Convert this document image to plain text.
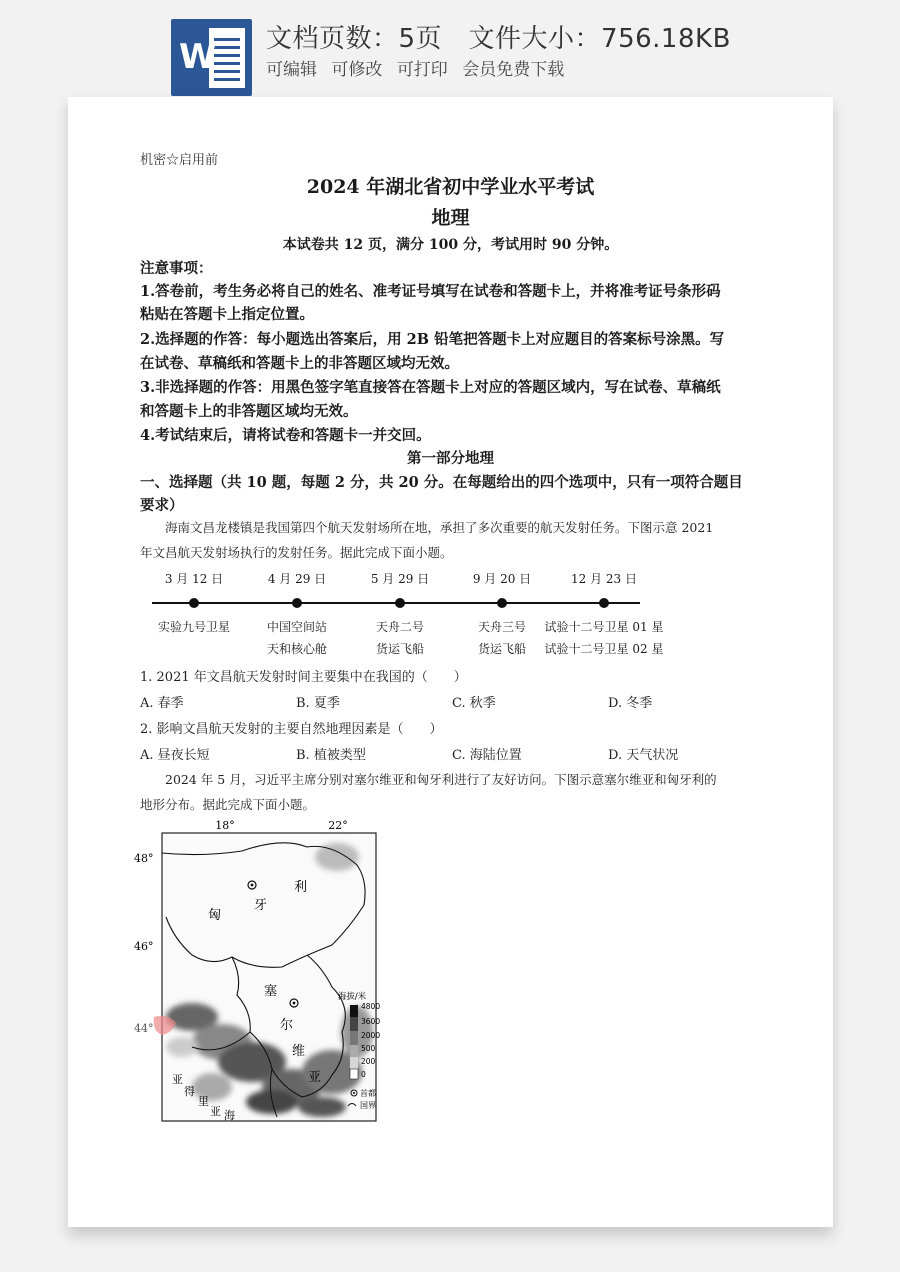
W 文档页数：5页　文件大小：756.18KB
可编辑 可修改 可打印 会员免费下载
机密☆启用前
2024 年湖北省初中学业水平考试
地理
本试卷共 12 页，满分 100 分，考试用时 90 分钟。
注意事项：
1.答卷前，考生务必将自己的姓名、准考证号填写在试卷和答题卡上，并将准考证号条形码
粘贴在答题卡上指定位置。
2.选择题的作答：每小题选出答案后，用 2B 铅笔把答题卡上对应题目的答案标号涂黑。写
在试卷、草稿纸和答题卡上的非答题区域均无效。
3.非选择题的作答：用黑色签字笔直接答在答题卡上对应的答题区域内，写在试卷、草稿纸
和答题卡上的非答题区域均无效。
4.考试结束后，请将试卷和答题卡一并交回。
第一部分地理
一、选择题（共 10 题，每题 2 分，共 20 分。在每题给出的四个选项中，只有一项符合题目
要求）
　　海南文昌龙楼镇是我国第四个航天发射场所在地，承担了多次重要的航天发射任务。下图示意 2021
年文昌航天发射场执行的发射任务。据此完成下面小题。
3 月 12 日
实验九号卫星
4 月 29 日
中国空间站
天和核心舱
5 月 29 日
天舟二号
货运飞船
9 月 20 日
天舟三号
货运飞船
12 月 23 日
试验十二号卫星 01 星
试验十二号卫星 02 星
1. 2021 年文昌航天发射时间主要集中在我国的（　　）
A. 春季	B. 夏季	C. 秋季	D. 冬季
2. 影响文昌航天发射的主要自然地理因素是（　　）
A. 昼夜长短	B. 植被类型	C. 海陆位置	D. 天气状况
　　2024 年 5 月，习近平主席分别对塞尔维亚和匈牙利进行了友好访问。下图示意塞尔维亚和匈牙利的
地形分布。据此完成下面小题。
18°	22°
48°
46°
44°
利
匈
牙
塞
尔
维
亚
亚
得
里
亚 海
海拔/米
4800
3600
2000
500
200
0
首都
国界
